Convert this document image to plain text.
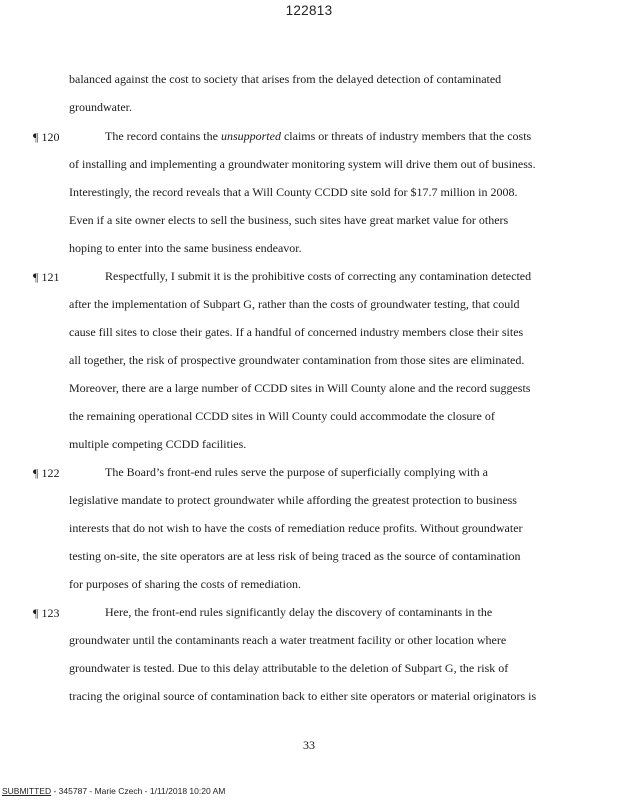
122813
balanced against the cost to society that arises from the delayed detection of contaminated
groundwater.
¶ 120	The record contains the unsupported claims or threats of industry members that the costs
of installing and implementing a groundwater monitoring system will drive them out of business.
Interestingly, the record reveals that a Will County CCDD site sold for $17.7 million in 2008.
Even if a site owner elects to sell the business, such sites have great market value for others
hoping to enter into the same business endeavor.
¶ 121	Respectfully, I submit it is the prohibitive costs of correcting any contamination detected
after the implementation of Subpart G, rather than the costs of groundwater testing, that could
cause fill sites to close their gates. If a handful of concerned industry members close their sites
all together, the risk of prospective groundwater contamination from those sites are eliminated.
Moreover, there are a large number of CCDD sites in Will County alone and the record suggests
the remaining operational CCDD sites in Will County could accommodate the closure of
multiple competing CCDD facilities.
¶ 122	The Board’s front-end rules serve the purpose of superficially complying with a
legislative mandate to protect groundwater while affording the greatest protection to business
interests that do not wish to have the costs of remediation reduce profits. Without groundwater
testing on-site, the site operators are at less risk of being traced as the source of contamination
for purposes of sharing the costs of remediation.
¶ 123	Here, the front-end rules significantly delay the discovery of contaminants in the
groundwater until the contaminants reach a water treatment facility or other location where
groundwater is tested. Due to this delay attributable to the deletion of Subpart G, the risk of
tracing the original source of contamination back to either site operators or material originators is
33
SUBMITTED - 345787 - Marie Czech - 1/11/2018 10:20 AM
